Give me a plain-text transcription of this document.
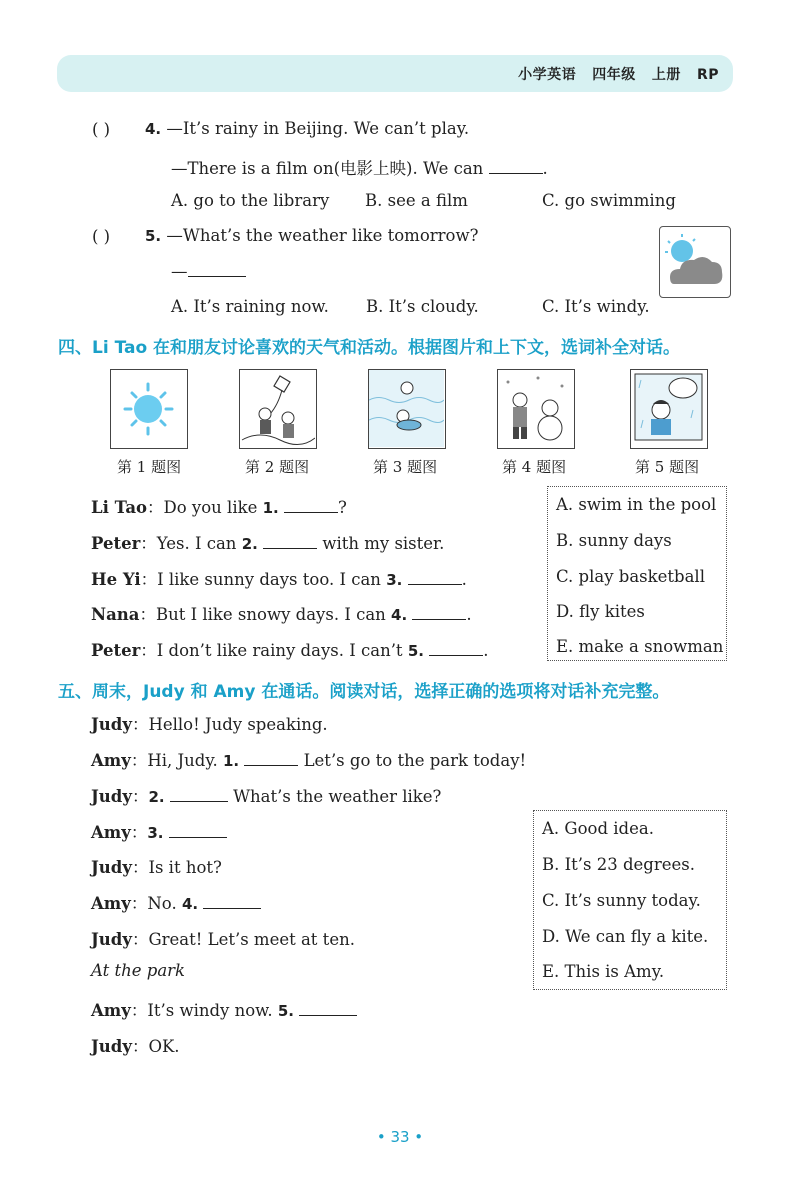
小学英语   四年级   上册   RP
( ) 4. —It’s rainy in Beijing. We can’t play.
—There is a film on(电影上映). We can	.
A. go to the library B. see a film	C. go swimming
( ) 5. —What’s the weather like tomorrow?
—
A. It’s raining now. B. It’s cloudy.	C. It’s windy.
四、Li Tao 在和朋友讨论喜欢的天气和活动。根据图片和上下文，选词补全对话。
第 1 题图	第 2 题图	第 3 题图	第 4 题图	第 5 题图
Li Tao：Do you like 1.	?
Peter：Yes. I can 2.	with my sister.
He Yi：I like sunny days too. I can 3.	.
Nana：But I like snowy days. I can 4.	.
Peter：I don’t like rainy days. I can’t 5.	.
A. swim in the pool
B. sunny days
C. play basketball
D. fly kites
E. make a snowman
五、周末，Judy 和 Amy 在通话。阅读对话，选择正确的选项将对话补充完整。
Judy：Hello! Judy speaking.
Amy：Hi, Judy. 1.	Let’s go to the park today!
Judy：2.	What’s the weather like?
Amy：3.
Judy：Is it hot?
Amy：No. 4.
Judy：Great! Let’s meet at ten.
At the park
Amy：It’s windy now. 5.
Judy：OK.
A. Good idea.
B. It’s 23 degrees.
C. It’s sunny today.
D. We can fly a kite.
E. This is Amy.
• 33 •
